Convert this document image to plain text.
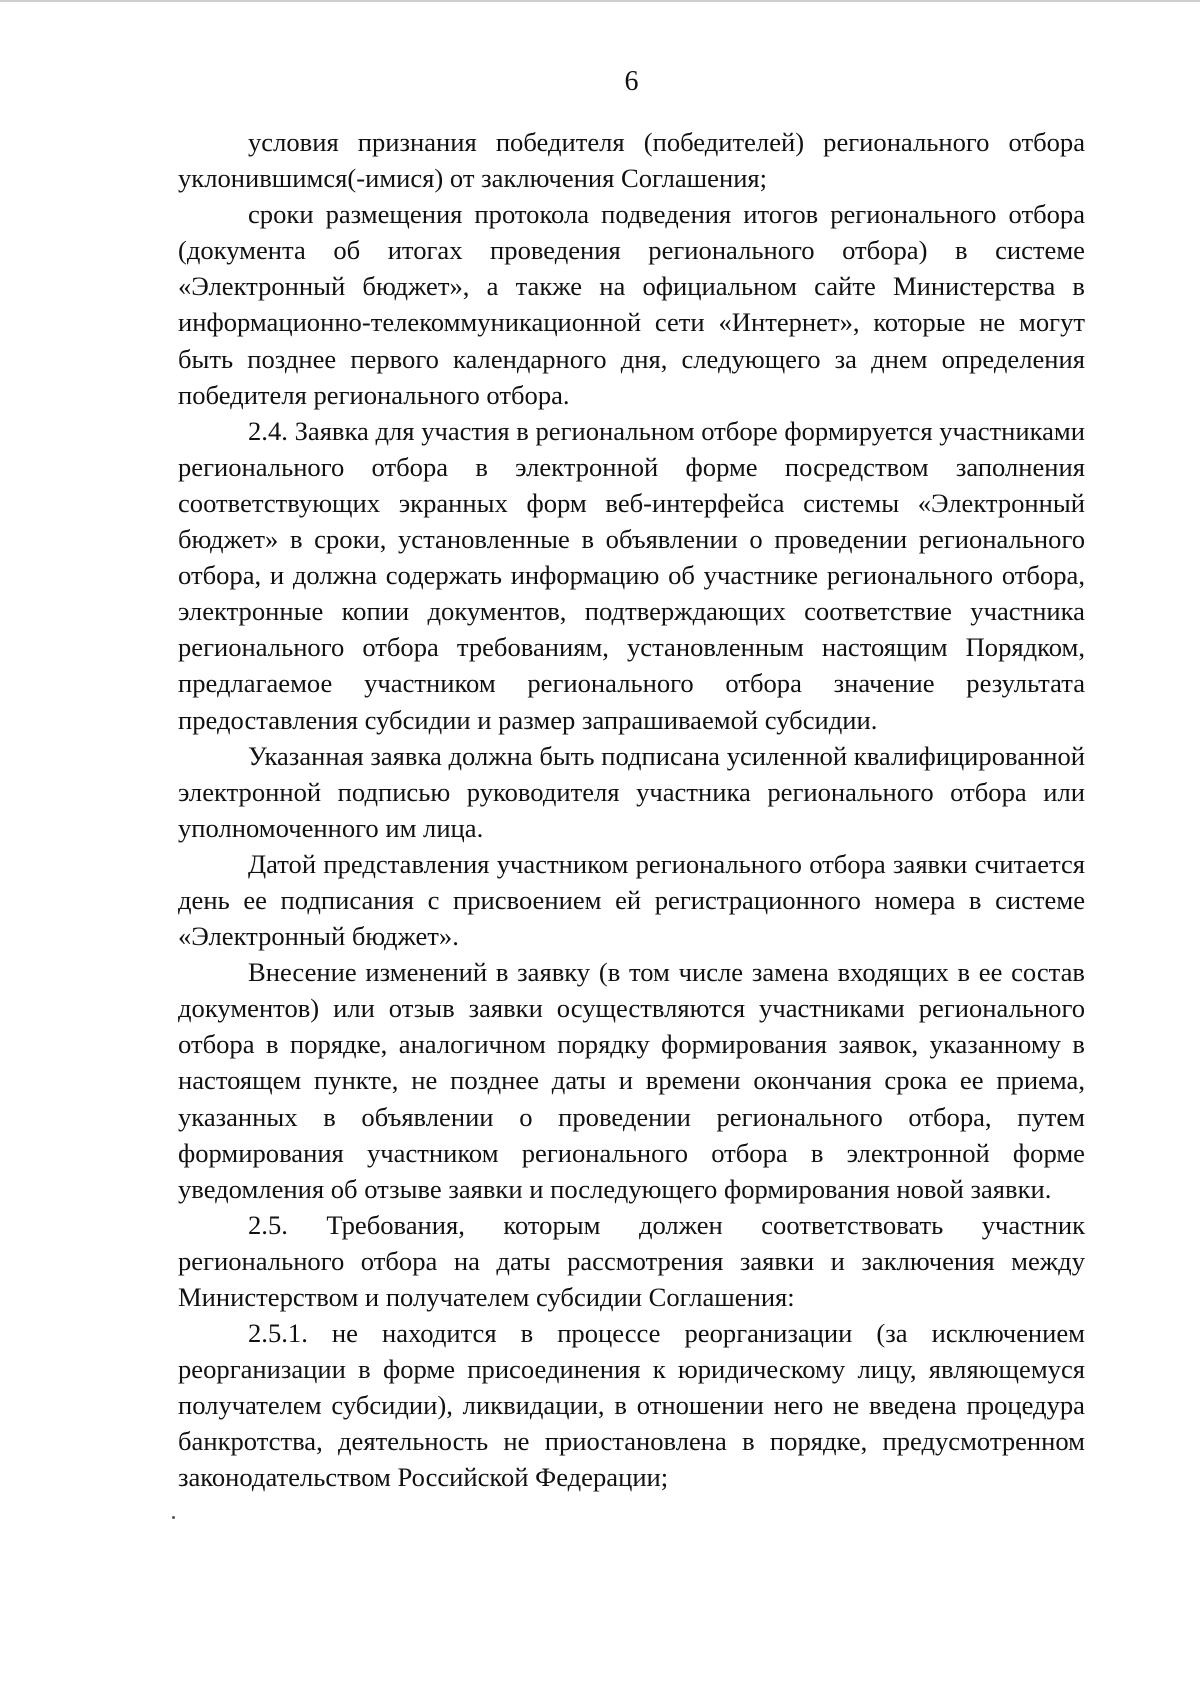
6

условия признания победителя (победителей) регионального отбора уклонившимся(-имися) от заключения Соглашения;

сроки размещения протокола подведения итогов регионального отбора (документа об итогах проведения регионального отбора) в системе «Электронный бюджет», а также на официальном сайте Министерства в информационно-телекоммуникационной сети «Интернет», которые не могут быть позднее первого календарного дня, следующего за днем определения победителя регионального отбора.

2.4. Заявка для участия в региональном отборе формируется участниками регионального отбора в электронной форме посредством заполнения соответствующих экранных форм веб-интерфейса системы «Электронный бюджет» в сроки, установленные в объявлении о проведении регионального отбора, и должна содержать информацию об участнике регионального отбора, электронные копии документов, подтверждающих соответствие участника регионального отбора требованиям, установленным настоящим Порядком, предлагаемое участником регионального отбора значение результата предоставления субсидии и размер запрашиваемой субсидии.

Указанная заявка должна быть подписана усиленной квалифицированной электронной подписью руководителя участника регионального отбора или уполномоченного им лица.

Датой представления участником регионального отбора заявки считается день ее подписания с присвоением ей регистрационного номера в системе «Электронный бюджет».

Внесение изменений в заявку (в том числе замена входящих в ее состав документов) или отзыв заявки осуществляются участниками регионального отбора в порядке, аналогичном порядку формирования заявок, указанному в настоящем пункте, не позднее даты и времени окончания срока ее приема, указанных в объявлении о проведении регионального отбора, путем формирования участником регионального отбора в электронной форме уведомления об отзыве заявки и последующего формирования новой заявки.

2.5. Требования, которым должен соответствовать участник регионального отбора на даты рассмотрения заявки и заключения между Министерством и получателем субсидии Соглашения:

2.5.1. не находится в процессе реорганизации (за исключением реорганизации в форме присоединения к юридическому лицу, являющемуся получателем субсидии), ликвидации, в отношении него не введена процедура банкротства, деятельность не приостановлена в порядке, предусмотренном законодательством Российской Федерации;
